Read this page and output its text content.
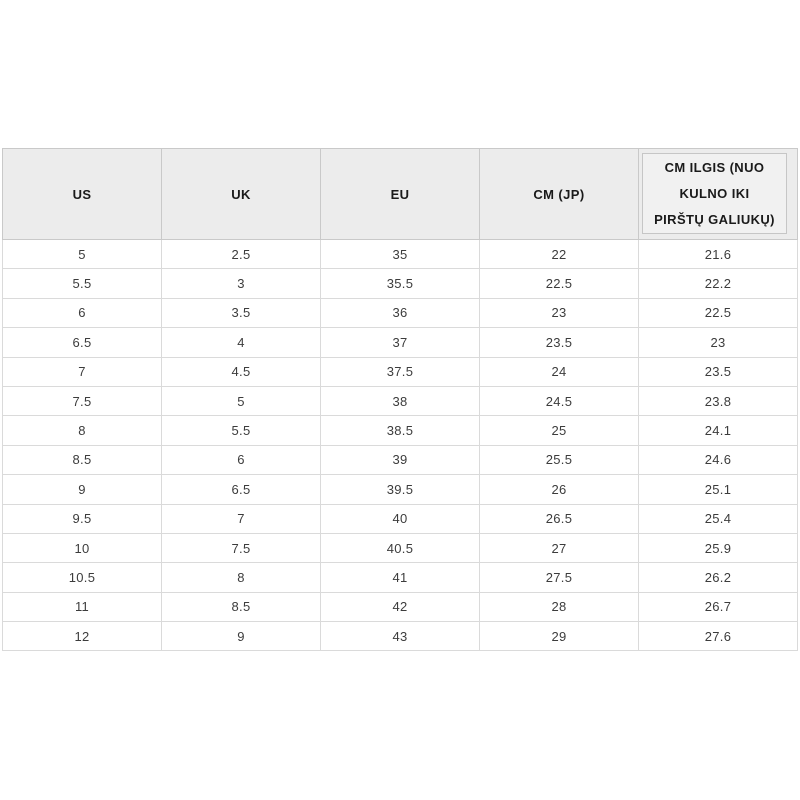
US	UK	EU	CM (JP)	CM ILGIS (NUO KULNO IKI PIRŠTŲ GALIUKŲ)

5	2.5	35	22	21.6
5.5	3	35.5	22.5	22.2
6	3.5	36	23	22.5
6.5	4	37	23.5	23
7	4.5	37.5	24	23.5
7.5	5	38	24.5	23.8
8	5.5	38.5	25	24.1
8.5	6	39	25.5	24.6
9	6.5	39.5	26	25.1
9.5	7	40	26.5	25.4
10	7.5	40.5	27	25.9
10.5	8	41	27.5	26.2
11	8.5	42	28	26.7
12	9	43	29	27.6
